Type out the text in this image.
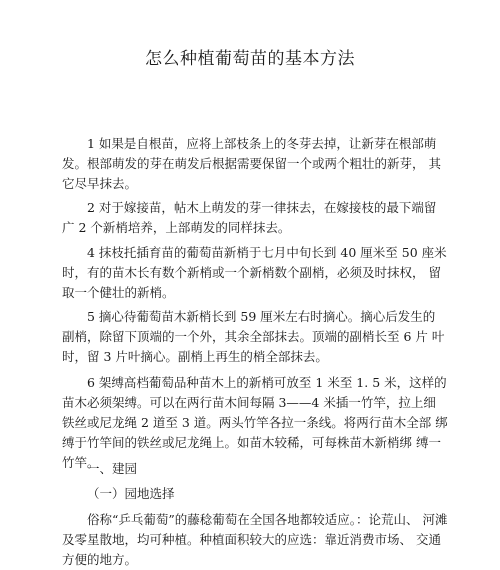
怎么种植葡萄苗的基本方法

1 如果是自根苗，应将上部枝条上的冬芽去掉，让新芽在根部萌 发。根部萌发的芽在萌发后根据需要保留一个或两个粗壮的新芽， 其它尽早抹去。

2 对于嫁接苗，帖木上萌发的芽一律抹去，在嫁接枝的最下端留 广 2 个新梢培养，上部萌发的同样抹去。

4 抹枝托插育苗的葡萄苗新梢于七月中旬长到 40 厘米至 50 座米 时，有的苗木长有数个新梢或一个新梢数个副梢，必须及时抹权， 留取一个健壮的新梢。

5 摘心待葡萄苗木新梢长到 59 厘米左右时摘心。摘心后发生的 副梢，除留下顶端的一个外，其余全部抹去。顶端的副梢长至 6 片 叶时，留 3 片叶摘心。副梢上再生的梢全部抹去。

6 架缚高档葡萄品种苗木上的新梢可放至 1 米至 1. 5 米，这样的 苗木必须架缚。可以在两行苗木间每隔 3——4 米插一竹竿，拉上细 铁丝或尼龙绳 2 道至 3 道。两头竹竿各拉一条线。将两行苗木全部 绑缚于竹竿间的铁丝或尼龙绳上。如苗木较稀，可每株苗木新梢绑 缚一竹竿。

一、建园

（一）园地选择

俗称“乒乓葡萄”的藤稔葡萄在全国各地都较适应。：论荒山、 河滩及零星散地，均可种植。种植面积较大的应选：靠近消费市场、 交通方便的地方。
